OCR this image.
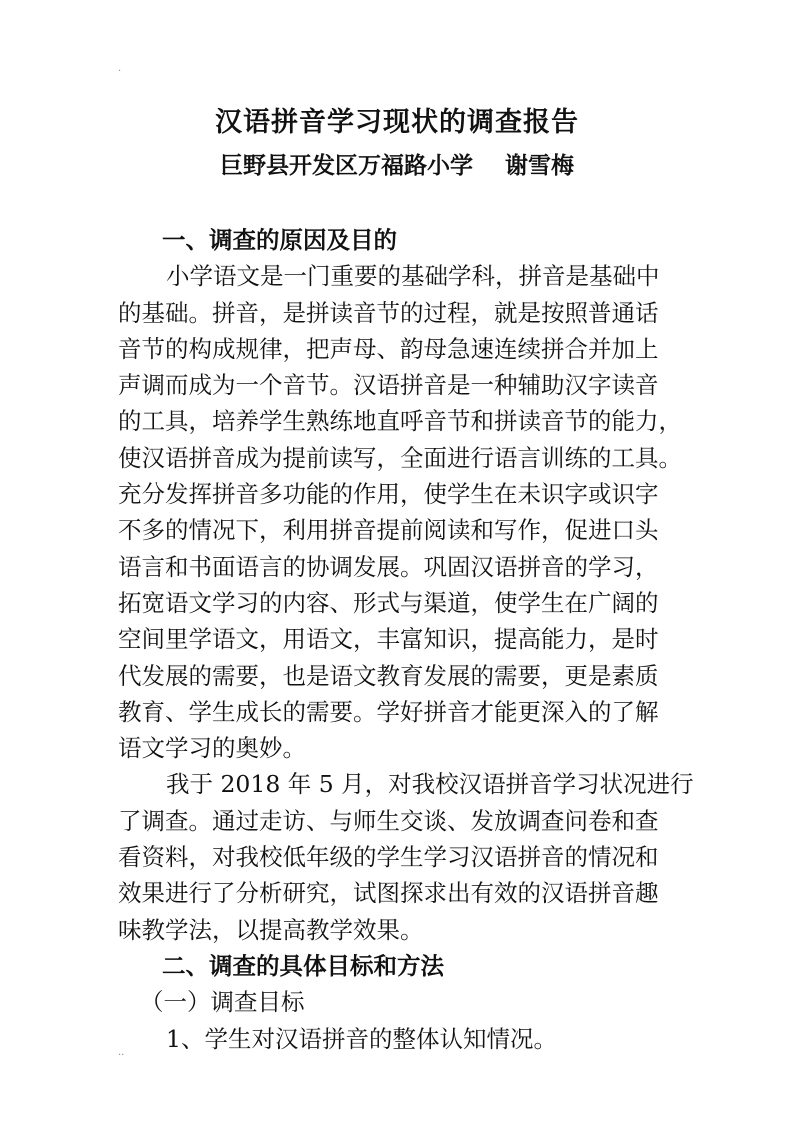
.
汉语拼音学习现状的调查报告
巨野县开发区万福路小学    谢雪梅
一、调查的原因及目的
小学语文是一门重要的基础学科，拼音是基础中
的基础。拼音，是拼读音节的过程，就是按照普通话
音节的构成规律，把声母、韵母急速连续拼合并加上
声调而成为一个音节。汉语拼音是一种辅助汉字读音
的工具，培养学生熟练地直呼音节和拼读音节的能力，
使汉语拼音成为提前读写，全面进行语言训练的工具。
充分发挥拼音多功能的作用，使学生在未识字或识字
不多的情况下，利用拼音提前阅读和写作，促进口头
语言和书面语言的协调发展。巩固汉语拼音的学习，
拓宽语文学习的内容、形式与渠道，使学生在广阔的
空间里学语文，用语文，丰富知识，提高能力，是时
代发展的需要，也是语文教育发展的需要，更是素质
教育、学生成长的需要。学好拼音才能更深入的了解
语文学习的奥妙。
我于 2018 年 5 月，对我校汉语拼音学习状况进行
了调查。通过走访、与师生交谈、发放调查问卷和查
看资料，对我校低年级的学生学习汉语拼音的情况和
效果进行了分析研究，试图探求出有效的汉语拼音趣
味教学法，以提高教学效果。
二、调查的具体目标和方法
（一）调查目标
1、学生对汉语拼音的整体认知情况。
..
